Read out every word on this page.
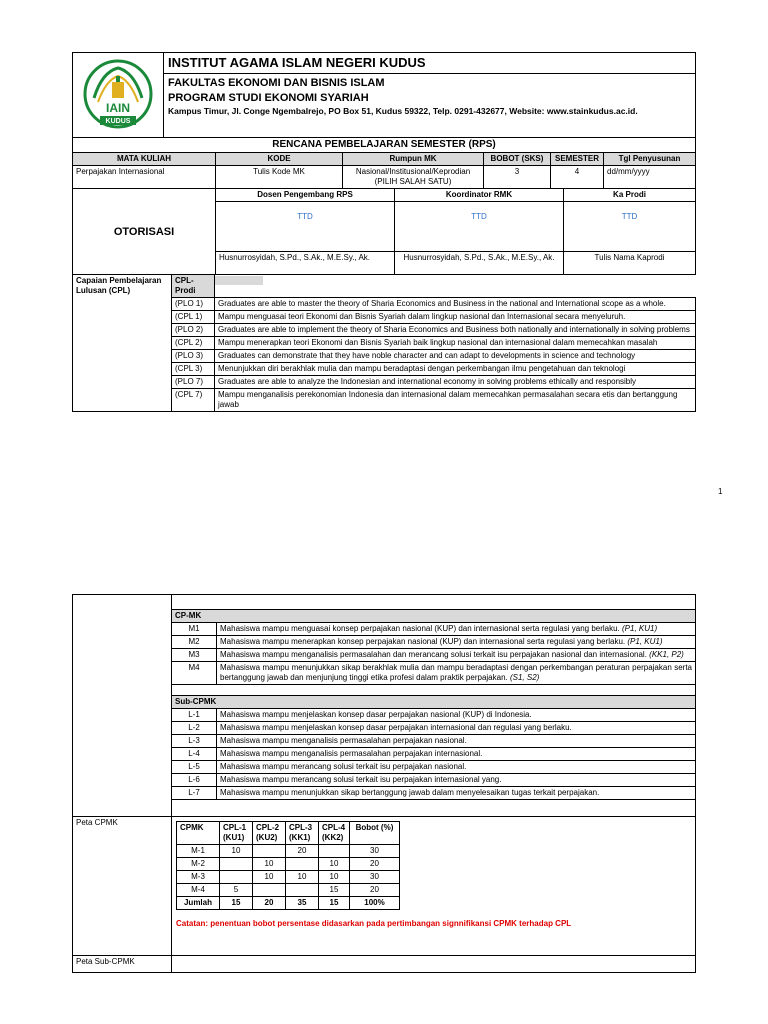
IAIN
KUDUS

INSTITUT AGAMA ISLAM NEGERI KUDUS
FAKULTAS EKONOMI DAN BISNIS ISLAM
PROGRAM STUDI EKONOMI SYARIAH
Kampus Timur, Jl. Conge Ngembalrejo, PO Box 51, Kudus 59322, Telp. 0291-432677, Website: www.stainkudus.ac.id.
RENCANA PEMBELAJARAN SEMESTER (RPS)
MATA KULIAH	KODE	Rumpun MK	BOBOT (SKS)	SEMESTER	Tgl Penyusunan
Perpajakan Internasional	Tulis Kode MK	Nasional/Institusional/Keprodian (PILIH SALAH SATU)	3	4	dd/mm/yyyy
OTORISASI	Dosen Pengembang RPS	Koordinator RMK	Ka Prodi
	TTD	TTD	TTD
	Husnurrosyidah, S.Pd., S.Ak., M.E.Sy., Ak.	Husnurrosyidah, S.Pd., S.Ak., M.E.Sy., Ak.	Tulis Nama Kaprodi
Capaian Pembelajaran Lulusan (CPL)	CPL-Prodi	

	(PLO 1)	Graduates are able to master the theory of Sharia Economics and Business in the national and International scope as a whole.
	(CPL 1)	Mampu menguasai teori Ekonomi dan Bisnis Syariah dalam lingkup nasional dan Internasional secara menyeluruh.
	(PLO 2)	Graduates are able to implement the theory of Sharia Economics and Business both nationally and internationally in solving problems
	(CPL 2)	Mampu menerapkan teori Ekonomi dan Bisnis Syariah baik lingkup nasional dan internasional dalam memecahkan masalah
	(PLO 3)	Graduates can demonstrate that they have noble character and can adapt to developments in science and technology
	(CPL 3)	Menunjukkan diri berakhlak mulia dan mampu beradaptasi dengan perkembangan ilmu pengetahuan dan teknologi
	(PLO 7)	Graduates are able to analyze the Indonesian and international economy in solving problems ethically and responsibly
	(CPL 7)	Mampu menganalisis perekonomian Indonesia dan internasional dalam memecahkan permasalahan secara etis dan bertanggung jawab
1

	CP-MK	
	M1	Mahasiswa mampu menguasai konsep perpajakan nasional (KUP) dan internasional serta regulasi yang berlaku. (P1, KU1)
	M2	Mahasiswa mampu menerapkan konsep perpajakan nasional (KUP) dan internasional serta regulasi yang berlaku. (P1, KU1)
	M3	Mahasiswa mampu menganalisis permasalahan dan merancang solusi terkait isu perpajakan nasional dan internasional. (KK1, P2)
	M4	Mahasiswa mampu menunjukkan sikap berakhlak mulia dan mampu beradaptasi dengan perkembangan peraturan perpajakan serta bertanggung jawab dan menjunjung tinggi etika profesi dalam praktik perpajakan. (S1, S2)

	Sub-CPMK	
	L-1	Mahasiswa mampu menjelaskan konsep dasar perpajakan nasional (KUP) di Indonesia.
	L-2	Mahasiswa mampu menjelaskan konsep dasar perpajakan internasional dan regulasi yang berlaku.
	L-3	Mahasiswa mampu menganalisis permasalahan perpajakan nasional.
	L-4	Mahasiswa mampu menganalisis permasalahan perpajakan internasional.
	L-5	Mahasiswa mampu merancang solusi terkait isu perpajakan nasional.
	L-6	Mahasiswa mampu merancang solusi terkait isu perpajakan internasional yang.
	L-7	Mahasiswa mampu menunjukkan sikap bertanggung jawab dalam menyelesaikan tugas terkait perpajakan.

Peta CPMK	
CPMK	CPL-1 (KU1)	CPL-2 (KU2)	CPL-3 (KK1)	CPL-4 (KK2)	Bobot (%)
M-1	10		20		30
M-2		10		10	20
M-3		10	10	10	30
M-4	5			15	20
Jumlah	15	20	35	15	100%
Catatan: penentuan bobot persentase didasarkan pada pertimbangan signnifikansi CPMK terhadap CPL

Peta Sub-CPMK	
